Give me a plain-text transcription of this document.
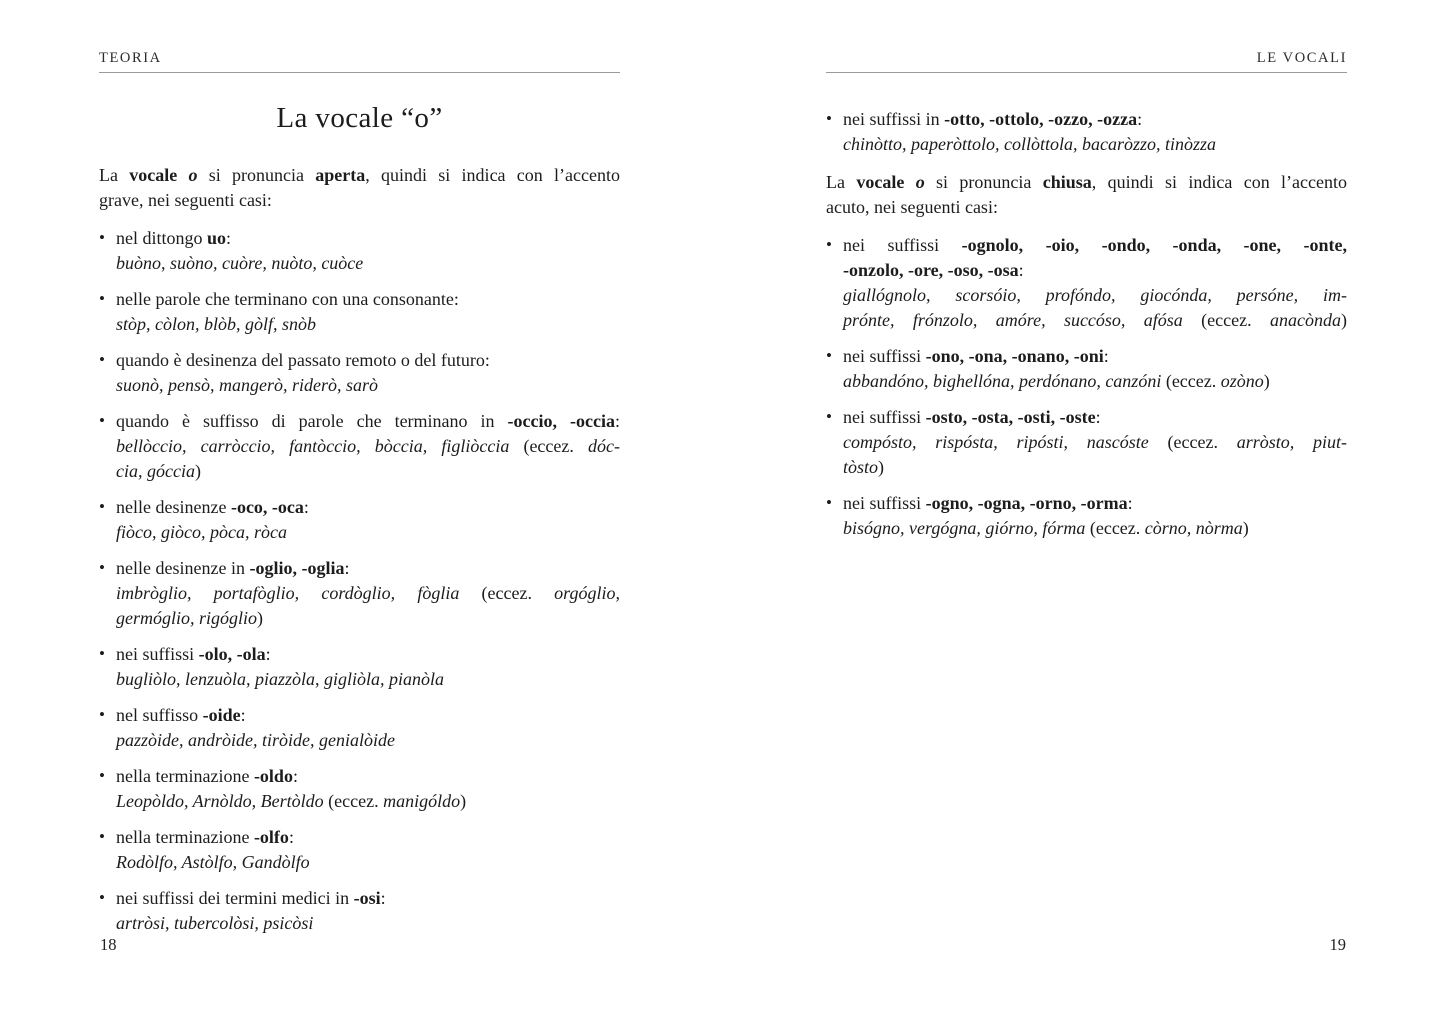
TEORIA
La vocale “o”
La vocale o si pronuncia aperta, quindi si indica con l’accento
grave, nei seguenti casi:
• nel dittongo uo:
buòno, suòno, cuòre, nuòto, cuòce
• nelle parole che terminano con una consonante:
stòp, còlon, blòb, gòlf, snòb
• quando è desinenza del passato remoto o del futuro:
suonò, pensò, mangerò, riderò, sarò
• quando è suffisso di parole che terminano in -occio, -occia:
bellòccio, carròccio, fantòccio, bòccia, figliòccia (eccez. dóc-
cia, góccia)
• nelle desinenze -oco, -oca:
fiòco, giòco, pòca, ròca
• nelle desinenze in -oglio, -oglia:
imbròglio, portafòglio, cordòglio, fòglia (eccez. orgóglio,
germóglio, rigóglio)
• nei suffissi -olo, -ola:
bugliòlo, lenzuòla, piazzòla, gigliòla, pianòla
• nel suffisso -oide:
pazzòide, andròide, tiròide, genialòide
• nella terminazione -oldo:
Leopòldo, Arnòldo, Bertòldo (eccez. manigóldo)
• nella terminazione -olfo:
Rodòlfo, Astòlfo, Gandòlfo
• nei suffissi dei termini medici in -osi:
artròsi, tubercolòsi, psicòsi
18
LE VOCALI
• nei suffissi in -otto, -ottolo, -ozzo, -ozza:
chinòtto, paperòttolo, collòttola, bacaròzzo, tinòzza
La vocale o si pronuncia chiusa, quindi si indica con l’accento
acuto, nei seguenti casi:
• nei suffissi -ognolo, -oio, -ondo, -onda, -one, -onte,
-onzolo, -ore, -oso, -osa:
giallógnolo, scorsóio, profóndo, giocónda, persóne, im-
prónte, frónzolo, amóre, succóso, afósa (eccez. anacònda)
• nei suffissi -ono, -ona, -onano, -oni:
abbandóno, bighellóna, perdónano, canzóni (eccez. ozòno)
• nei suffissi -osto, -osta, -osti, -oste:
compósto, rispósta, ripósti, nascóste (eccez. arròsto, piut-
tòsto)
• nei suffissi -ogno, -ogna, -orno, -orma:
bisógno, vergógna, giórno, fórma (eccez. còrno, nòrma)
19
